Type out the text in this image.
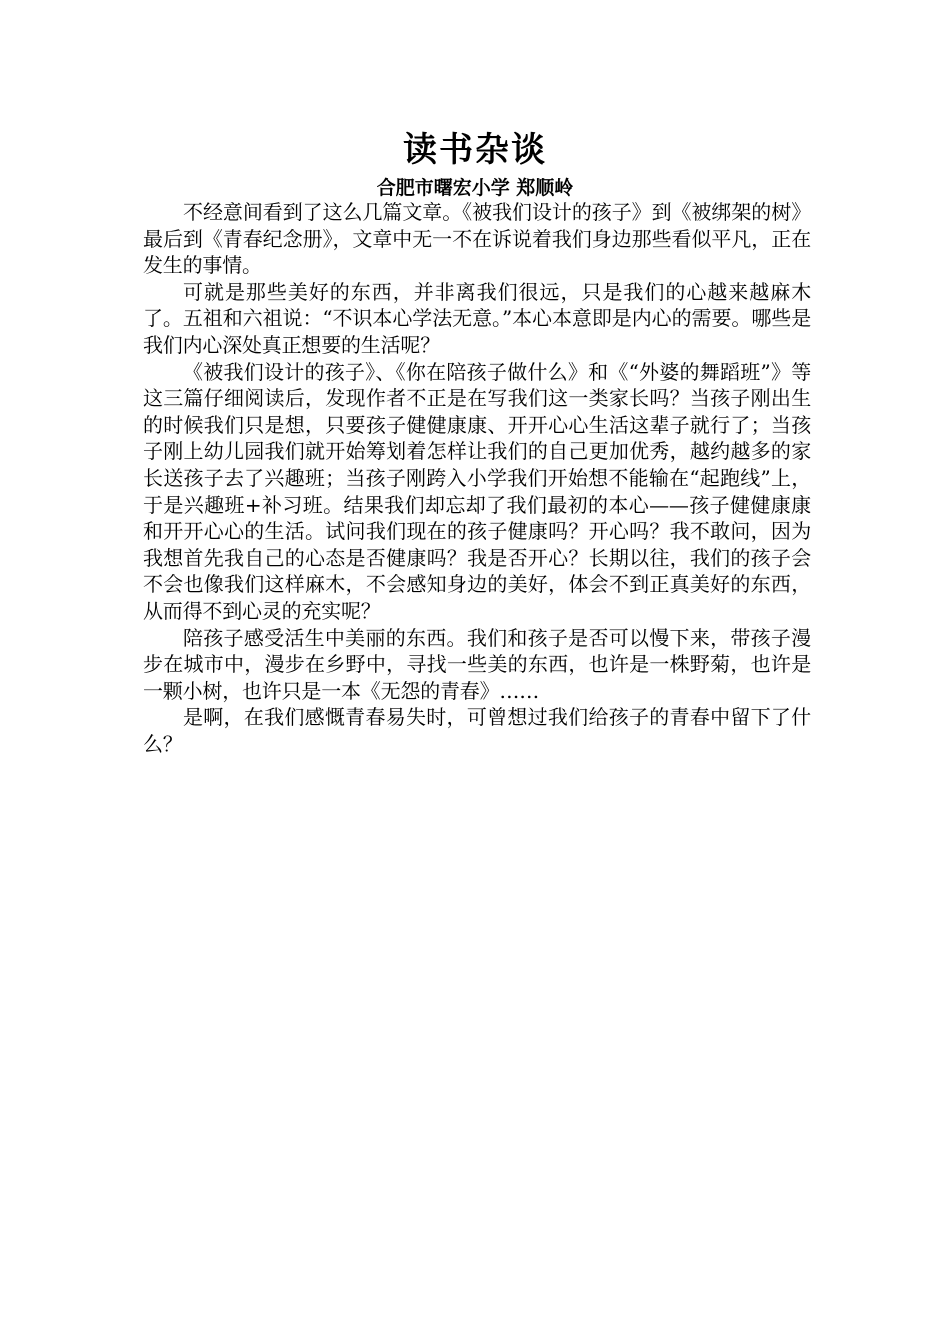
读书杂谈
合肥市曙宏小学 郑顺岭

不经意间看到了这么几篇文章。《被我们设计的孩子》到《被绑架的树》最后到《青春纪念册》，文章中无一不在诉说着我们身边那些看似平凡，正在发生的事情。

可就是那些美好的东西，并非离我们很远，只是我们的心越来越麻木了。五祖和六祖说：“不识本心学法无意。”本心本意即是内心的需要。哪些是我们内心深处真正想要的生活呢？

《被我们设计的孩子》、《你在陪孩子做什么》和《“外婆的舞蹈班”》等这三篇仔细阅读后，发现作者不正是在写我们这一类家长吗？当孩子刚出生的时候我们只是想，只要孩子健健康康、开开心心生活这辈子就行了；当孩子刚上幼儿园我们就开始筹划着怎样让我们的自己更加优秀，越约越多的家长送孩子去了兴趣班；当孩子刚跨入小学我们开始想不能输在“起跑线”上，于是兴趣班+补习班。结果我们却忘却了我们最初的本心——孩子健健康康和开开心心的生活。试问我们现在的孩子健康吗？开心吗？我不敢问，因为我想首先我自己的心态是否健康吗？我是否开心？长期以往，我们的孩子会不会也像我们这样麻木，不会感知身边的美好，体会不到正真美好的东西，从而得不到心灵的充实呢？

陪孩子感受活生中美丽的东西。我们和孩子是否可以慢下来，带孩子漫步在城市中，漫步在乡野中，寻找一些美的东西，也许是一株野菊，也许是一颗小树，也许只是一本《无怨的青春》……

是啊，在我们感慨青春易失时，可曾想过我们给孩子的青春中留下了什么？
